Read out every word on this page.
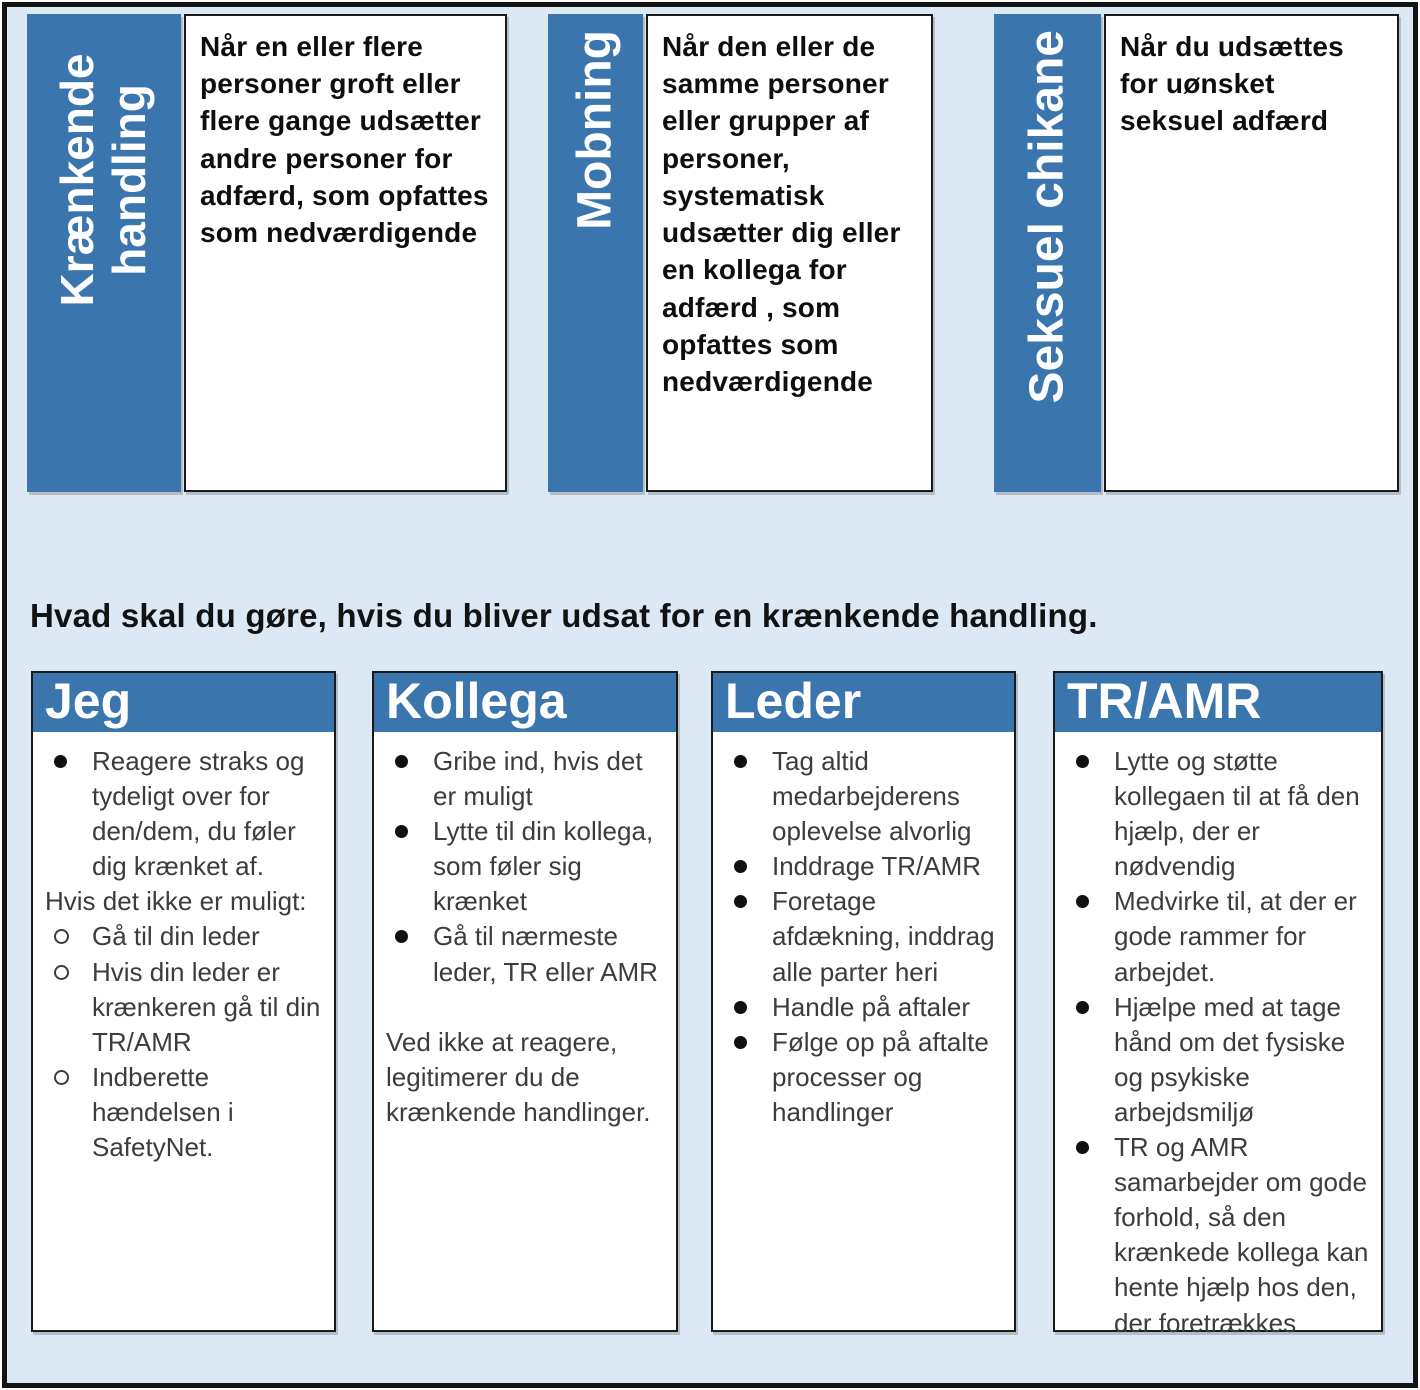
Krænkende handling

Når en eller flere personer groft eller flere gange udsætter andre personer for adfærd, som opfattes som nedværdigende

Mobning	Når den eller de samme personer eller grupper af personer, systematisk udsætter dig eller en kollega for adfærd , som opfattes som nedværdigende	Seksuel chikane	Når du udsættes for uønsket seksuel adfærd

Hvad skal du gøre, hvis du bliver udsat for en krænkende handling.
Jeg
Reagere straks og tydeligt over for den/dem, du føler dig krænket af.
Hvis det ikke er muligt:
Gå til din leder
Hvis din leder er krænkeren gå til din TR/AMR
Indberette hændelsen i SafetyNet.
Kollega
Gribe ind, hvis det er muligt
Lytte til din kollega, som føler sig krænket
Gå til nærmeste leder, TR eller AMR
Ved ikke at reagere, legitimerer du de krænkende handlinger.
Leder
Tag altid medarbejderens oplevelse alvorlig
Inddrage TR/AMR
Foretage afdækning, inddrag alle parter heri
Handle på aftaler
Følge op på aftalte processer og handlinger
TR/AMR
Lytte og støtte kollegaen til at få den hjælp, der er nødvendig
Medvirke til, at der er gode rammer for arbejdet.
Hjælpe med at tage hånd om det fysiske og psykiske arbejdsmiljø
TR og AMR samarbejder om gode forhold, så den krænkede kollega kan hente hjælp hos den, der foretrækkes
